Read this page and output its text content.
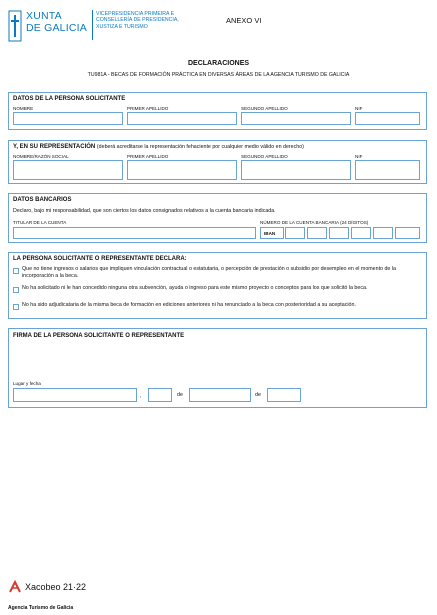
XUNTA
DE GALICIA
VICEPRESIDENCIA PRIMEIRA E
CONSELLERÍA DE PRESIDENCIA,
XUSTIZA E TURISMO
ANEXO VI
DECLARACIONES
TU981A - BECAS DE FORMACIÓN PRÁCTICA EN DIVERSAS ÁREAS DE LA AGENCIA TURISMO DE GALICIA
DATOS DE LA PERSONA SOLICITANTE
NOMBRE	PRIMER APELLIDO	SEGUNDO APELLIDO	NIF
Y, EN SU REPRESENTACIÓN (deberá acreditarse la representación fehaciente por cualquier medio válido en derecho)
NOMBRE/RAZÓN SOCIAL	PRIMER APELLIDO	SEGUNDO APELLIDO	NIF
DATOS BANCARIOS
Declaro, bajo mi responsabilidad, que son ciertos los datos consignados relativos a la cuenta bancaria indicada.
TITULAR DE LA CUENTA	NÚMERO DE LA CUENTA BANCARIA (24 DÍGITOS)
IBAN
LA PERSONA SOLICITANTE O REPRESENTANTE DECLARA:
Que no tiene ingresos o salarios que impliquen vinculación contractual o estatutaria, o percepción de prestación o subsidio por desempleo en el momento de la incorporación a la beca.
No ha solicitado ni le han concedido ninguna otra subvención, ayuda o ingreso para este mismo proyecto o conceptos para los que solicitó la beca.
No ha sido adjudicataria de la misma beca de formación en ediciones anteriores ni ha renunciado a la beca con posterioridad a su aceptación.
FIRMA DE LA PERSONA SOLICITANTE O REPRESENTANTE
Lugar y fecha
,	de	de
Xacobeo 21·22
Agencia Turismo de Galicia
